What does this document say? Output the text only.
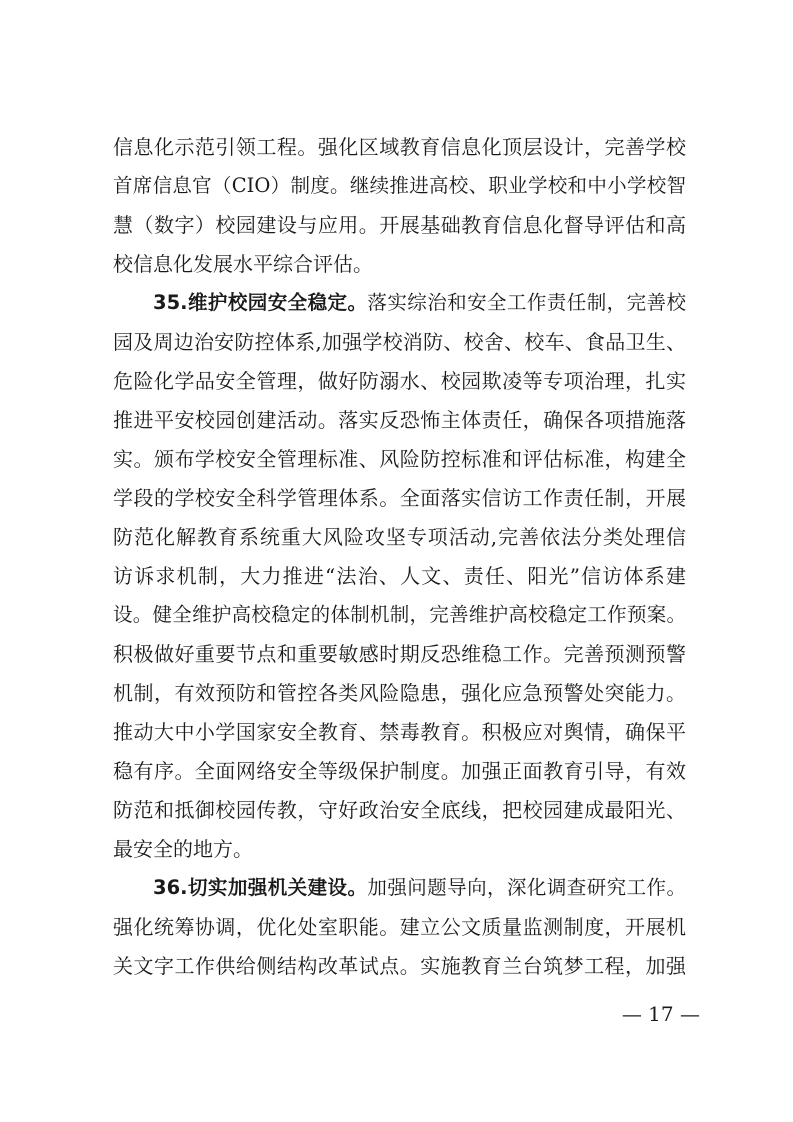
信息化示范引领工程。强化区域教育信息化顶层设计，完善学校
首席信息官（CIO）制度。继续推进高校、职业学校和中小学校智
慧（数字）校园建设与应用。开展基础教育信息化督导评估和高
校信息化发展水平综合评估。
35.维护校园安全稳定。落实综治和安全工作责任制，完善校
园及周边治安防控体系,加强学校消防、校舍、校车、食品卫生、
危险化学品安全管理，做好防溺水、校园欺凌等专项治理，扎实
推进平安校园创建活动。落实反恐怖主体责任，确保各项措施落
实。颁布学校安全管理标准、风险防控标准和评估标准，构建全
学段的学校安全科学管理体系。全面落实信访工作责任制，开展
防范化解教育系统重大风险攻坚专项活动,完善依法分类处理信
访诉求机制，大力推进“法治、人文、责任、阳光”信访体系建
设。健全维护高校稳定的体制机制，完善维护高校稳定工作预案。
积极做好重要节点和重要敏感时期反恐维稳工作。完善预测预警
机制，有效预防和管控各类风险隐患，强化应急预警处突能力。
推动大中小学国家安全教育、禁毒教育。积极应对舆情，确保平
稳有序。全面网络安全等级保护制度。加强正面教育引导，有效
防范和抵御校园传教，守好政治安全底线，把校园建成最阳光、
最安全的地方。
36.切实加强机关建设。加强问题导向，深化调查研究工作。
强化统筹协调，优化处室职能。建立公文质量监测制度，开展机
关文字工作供给侧结构改革试点。实施教育兰台筑梦工程，加强
— 17 —
